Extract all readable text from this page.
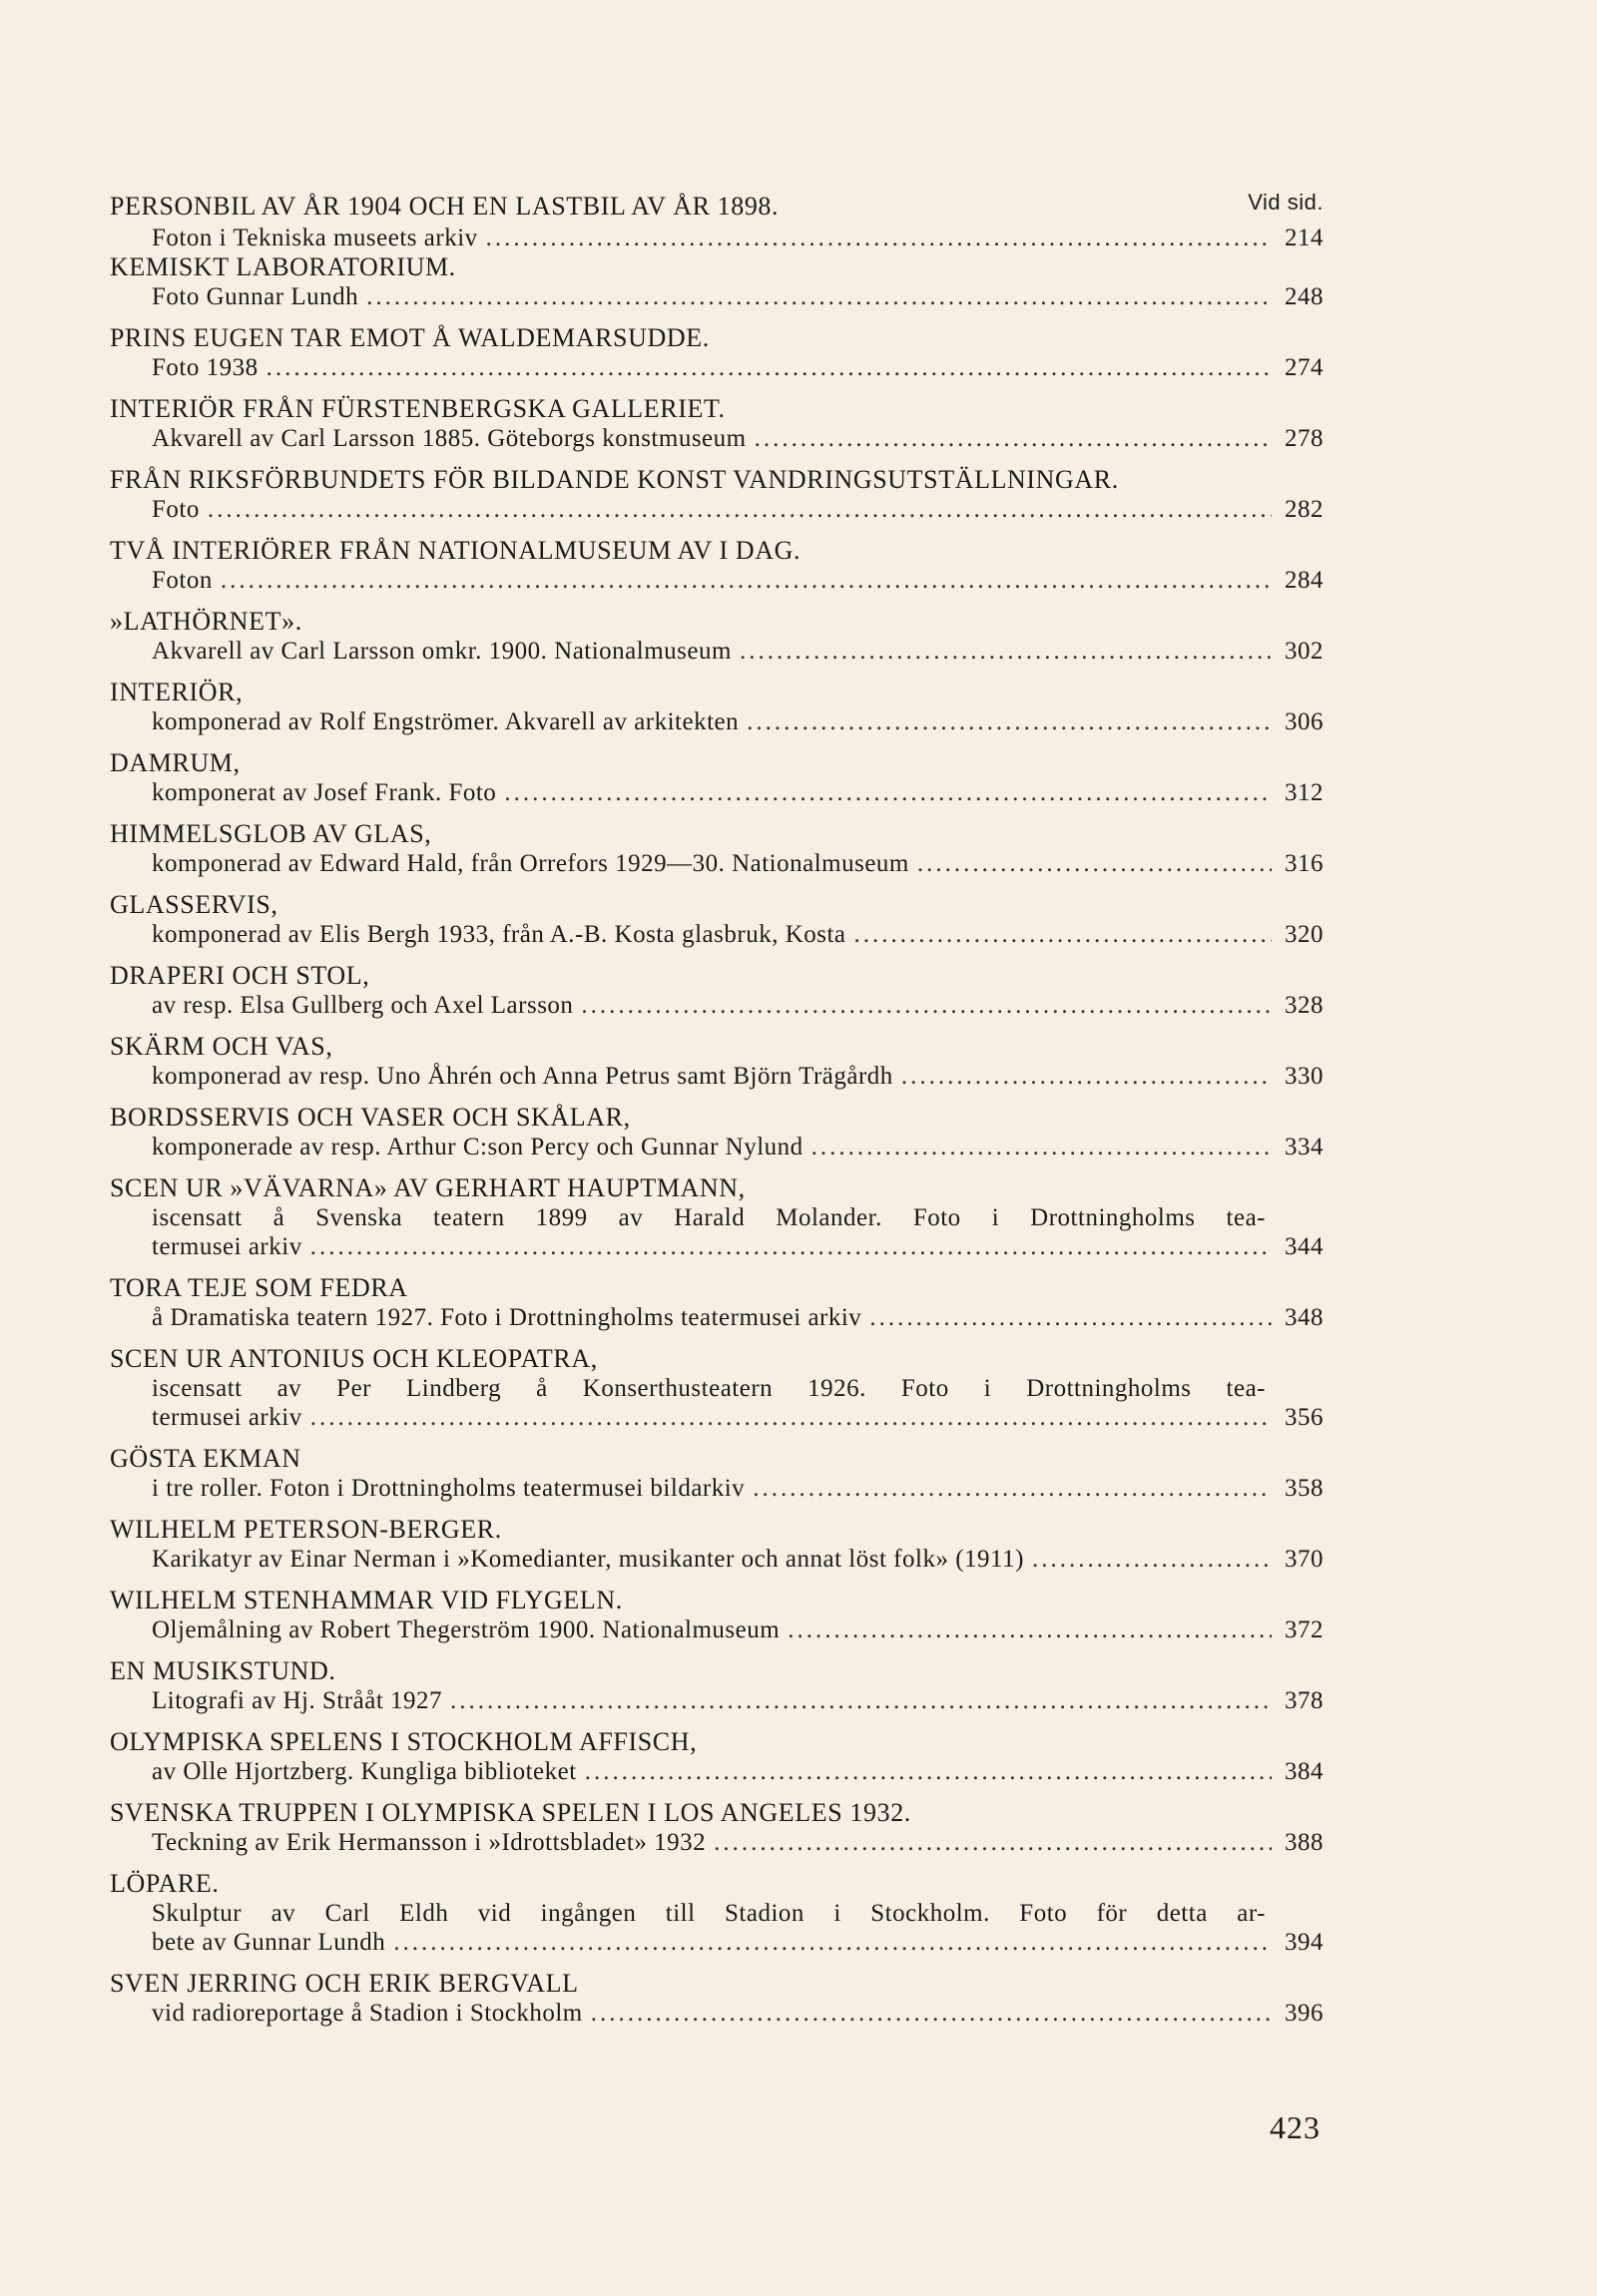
PERSONBIL AV ÅR 1904 OCH EN LASTBIL AV ÅR 1898.	Vid sid.
Foton i Tekniska museets arkiv .....	214
KEMISKT LABORATORIUM.
Foto Gunnar Lundh .....	248
PRINS EUGEN TAR EMOT Å WALDEMARSUDDE.
Foto 1938 .....	274
INTERIÖR FRÅN FÜRSTENBERGSKA GALLERIET.
Akvarell av Carl Larsson 1885. Göteborgs konstmuseum .....	278
FRÅN RIKSFÖRBUNDETS FÖR BILDANDE KONST VANDRINGSUTSTÄLLNINGAR.
Foto .....	282
TVÅ INTERIÖRER FRÅN NATIONALMUSEUM AV I DAG.
Foton .....	284
»LATHÖRNET».
Akvarell av Carl Larsson omkr. 1900. Nationalmuseum .....	302
INTERIÖR,
komponerad av Rolf Engströmer. Akvarell av arkitekten .....	306
DAMRUM,
komponerat av Josef Frank. Foto .....	312
HIMMELSGLOB AV GLAS,
komponerad av Edward Hald, från Orrefors 1929—30. Nationalmuseum .....	316
GLASSERVIS,
komponerad av Elis Bergh 1933, från A.-B. Kosta glasbruk, Kosta .....	320
DRAPERI OCH STOL,
av resp. Elsa Gullberg och Axel Larsson .....	328
SKÄRM OCH VAS,
komponerad av resp. Uno Åhrén och Anna Petrus samt Björn Trägårdh .....	330
BORDSSERVIS OCH VASER OCH SKÅLAR,
komponerade av resp. Arthur C:son Percy och Gunnar Nylund .....	334
SCEN UR »VÄVARNA» AV GERHART HAUPTMANN,
iscensatt å Svenska teatern 1899 av Harald Molander. Foto i Drottningholms tea-
termusei arkiv .....	344
TORA TEJE SOM FEDRA
å Dramatiska teatern 1927. Foto i Drottningholms teatermusei arkiv .....	348
SCEN UR ANTONIUS OCH KLEOPATRA,
iscensatt av Per Lindberg å Konserthusteatern 1926. Foto i Drottningholms tea-
termusei arkiv .....	356
GÖSTA EKMAN
i tre roller. Foton i Drottningholms teatermusei bildarkiv .....	358
WILHELM PETERSON-BERGER.
Karikatyr av Einar Nerman i »Komedianter, musikanter och annat löst folk» (1911) .....	370
WILHELM STENHAMMAR VID FLYGELN.
Oljemålning av Robert Thegerström 1900. Nationalmuseum .....	372
EN MUSIKSTUND.
Litografi av Hj. Strååt 1927 .....	378
OLYMPISKA SPELENS I STOCKHOLM AFFISCH,
av Olle Hjortzberg. Kungliga biblioteket .....	384
SVENSKA TRUPPEN I OLYMPISKA SPELEN I LOS ANGELES 1932.
Teckning av Erik Hermansson i »Idrottsbladet» 1932 .....	388
LÖPARE.
Skulptur av Carl Eldh vid ingången till Stadion i Stockholm. Foto för detta ar-
bete av Gunnar Lundh .....	394
SVEN JERRING OCH ERIK BERGVALL
vid radioreportage å Stadion i Stockholm .....	396
423
